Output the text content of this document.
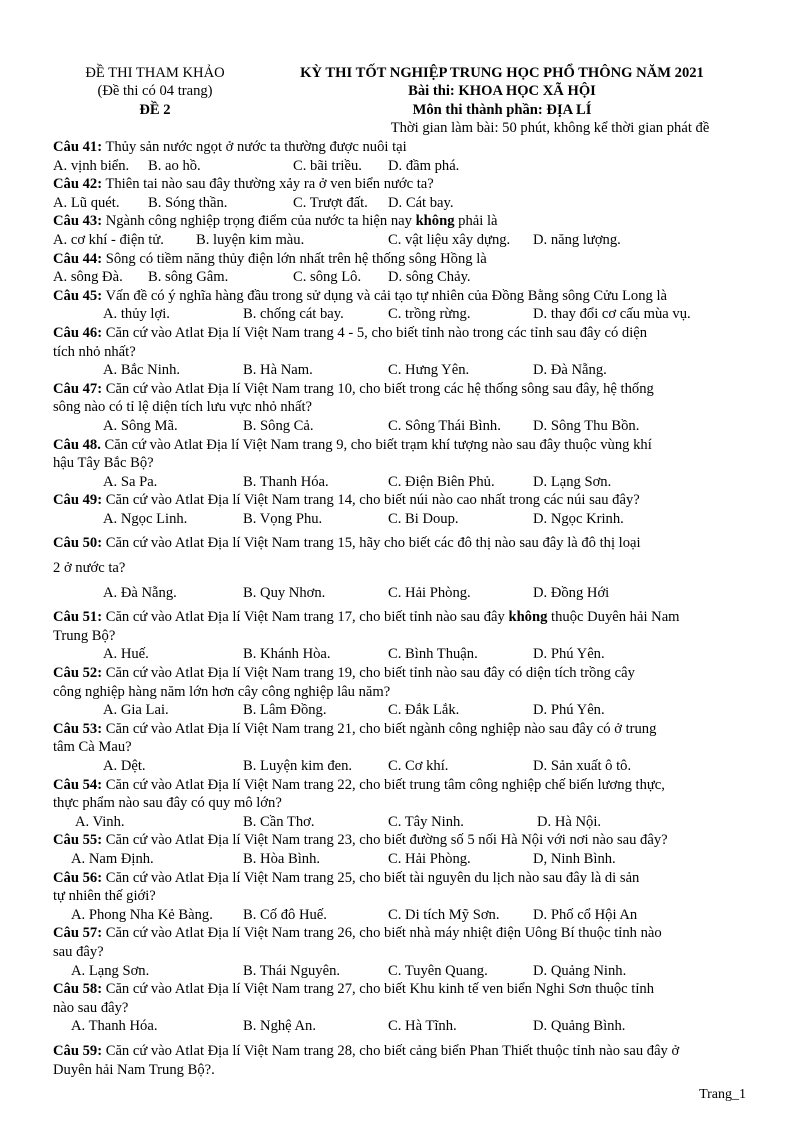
ĐỀ THI THAM KHẢO
(Đề thi có 04 trang)
ĐỀ 2
KỲ THI TỐT NGHIỆP TRUNG HỌC PHỔ THÔNG NĂM 2021
Bài thi: KHOA HỌC XÃ HỘI
Môn thi thành phần: ĐỊA LÍ
Thời gian làm bài: 50 phút, không kể thời gian phát đề

Câu 41: Thủy sản nước ngọt ở nước ta thường được nuôi tại

A. vịnh biển. B. ao hồ.	C. bãi triều. D. đầm phá.

Câu 42: Thiên tai nào sau đây thường xảy ra ở ven biển nước ta?

A. Lũ quét. B. Sóng thần.	C. Trượt đất. D. Cát bay.

Câu 43: Ngành công nghiệp trọng điểm của nước ta hiện nay không phải là

A. cơ khí - điện tử. B. luyện kim màu.	C. vật liệu xây dựng. D. năng lượng.

Câu 44: Sông có tiềm năng thủy điện lớn nhất trên hệ thống sông Hồng là

A. sông Đà. B. sông Gâm.	C. sông Lô. D. sông Chảy.

Câu 45: Vấn đề có ý nghĩa hàng đầu trong sử dụng và cải tạo tự nhiên của Đồng Bằng sông Cửu Long là

A. thủy lợi.	B. chống cát bay.	C. trồng rừng.	D. thay đổi cơ cấu mùa vụ.

Câu 46: Căn cứ vào Atlat Địa lí Việt Nam trang 4 - 5, cho biết tỉnh nào trong các tỉnh sau đây có diện

tích nhỏ nhất?

A. Bắc Ninh.	B. Hà Nam.	C. Hưng Yên.	D. Đà Nẵng.

Câu 47: Căn cứ vào Atlat Địa lí Việt Nam trang 10, cho biết trong các hệ thống sông sau đây, hệ thống

sông nào có tỉ lệ diện tích lưu vực nhỏ nhất?

A. Sông Mã.	B. Sông Cả.	C. Sông Thái Bình. D. Sông Thu Bồn.

Câu 48. Căn cứ vào Atlat Địa lí Việt Nam trang 9, cho biết trạm khí tượng nào sau đây thuộc vùng khí

hậu Tây Bắc Bộ?

A. Sa Pa.	B. Thanh Hóa.	C. Điện Biên Phủ.	D. Lạng Sơn.

Câu 49: Căn cứ vào Atlat Địa lí Việt Nam trang 14, cho biết núi nào cao nhất trong các núi sau đây?

A. Ngọc Linh.	B. Vọng Phu.	C. Bi Doup.	D. Ngọc Krinh.

Câu 50: Căn cứ vào Atlat Địa lí Việt Nam trang 15, hãy cho biết các đô thị nào sau đây là đô thị loại

2 ở nước ta?

A. Đà Nẵng.	B. Quy Nhơn.	C. Hải Phòng.	D. Đồng Hới

Câu 51: Căn cứ vào Atlat Địa lí Việt Nam trang 17, cho biết tỉnh nào sau đây không thuộc Duyên hải Nam

Trung Bộ?

A. Huế.	B. Khánh Hòa.	C. Bình Thuận.	D. Phú Yên.

Câu 52: Căn cứ vào Atlat Địa lí Việt Nam trang 19, cho biết tỉnh nào sau đây có diện tích trồng cây

công nghiệp hàng năm lớn hơn cây công nghiệp lâu năm?

A. Gia Lai.	B. Lâm Đồng.	C. Đắk Lắk.	D. Phú Yên.

Câu 53: Căn cứ vào Atlat Địa lí Việt Nam trang 21, cho biết ngành công nghiệp nào sau đây có ở trung

tâm Cà Mau?

A. Dệt.	B. Luyện kim đen. C. Cơ khí.	D. Sản xuất ô tô.

Câu 54: Căn cứ vào Atlat Địa lí Việt Nam trang 22, cho biết trung tâm công nghiệp chế biến lương thực,

thực phẩm nào sau đây có quy mô lớn?

A. Vinh.	B. Cần Thơ.	C. Tây Ninh.	D. Hà Nội.

Câu 55: Căn cứ vào Atlat Địa lí Việt Nam trang 23, cho biết đường số 5 nối Hà Nội với nơi nào sau đây?

A. Nam Định.	B. Hòa Bình.	C. Hải Phòng.	D, Ninh Bình.

Câu 56: Căn cứ vào Atlat Địa lí Việt Nam trang 25, cho biết tài nguyên du lịch nào sau đây là di sản

tự nhiên thế giới?

A. Phong Nha Kẻ Bàng. B. Cố đô Huế.	C. Di tích Mỹ Sơn. D. Phố cổ Hội An

Câu 57: Căn cứ vào Atlat Địa lí Việt Nam trang 26, cho biết nhà máy nhiệt điện Uông Bí thuộc tỉnh nào

sau đây?

A. Lạng Sơn.	B. Thái Nguyên.	C. Tuyên Quang.	D. Quảng Ninh.

Câu 58: Căn cứ vào Atlat Địa lí Việt Nam trang 27, cho biết Khu kinh tế ven biển Nghi Sơn thuộc tỉnh

nào sau đây?

A. Thanh Hóa.	B. Nghệ An.	C. Hà Tĩnh.	D. Quảng Bình.

Câu 59: Căn cứ vào Atlat Địa lí Việt Nam trang 28, cho biết cảng biển Phan Thiết thuộc tỉnh nào sau đây ở

Duyên hải Nam Trung Bộ?.

Trang_1
